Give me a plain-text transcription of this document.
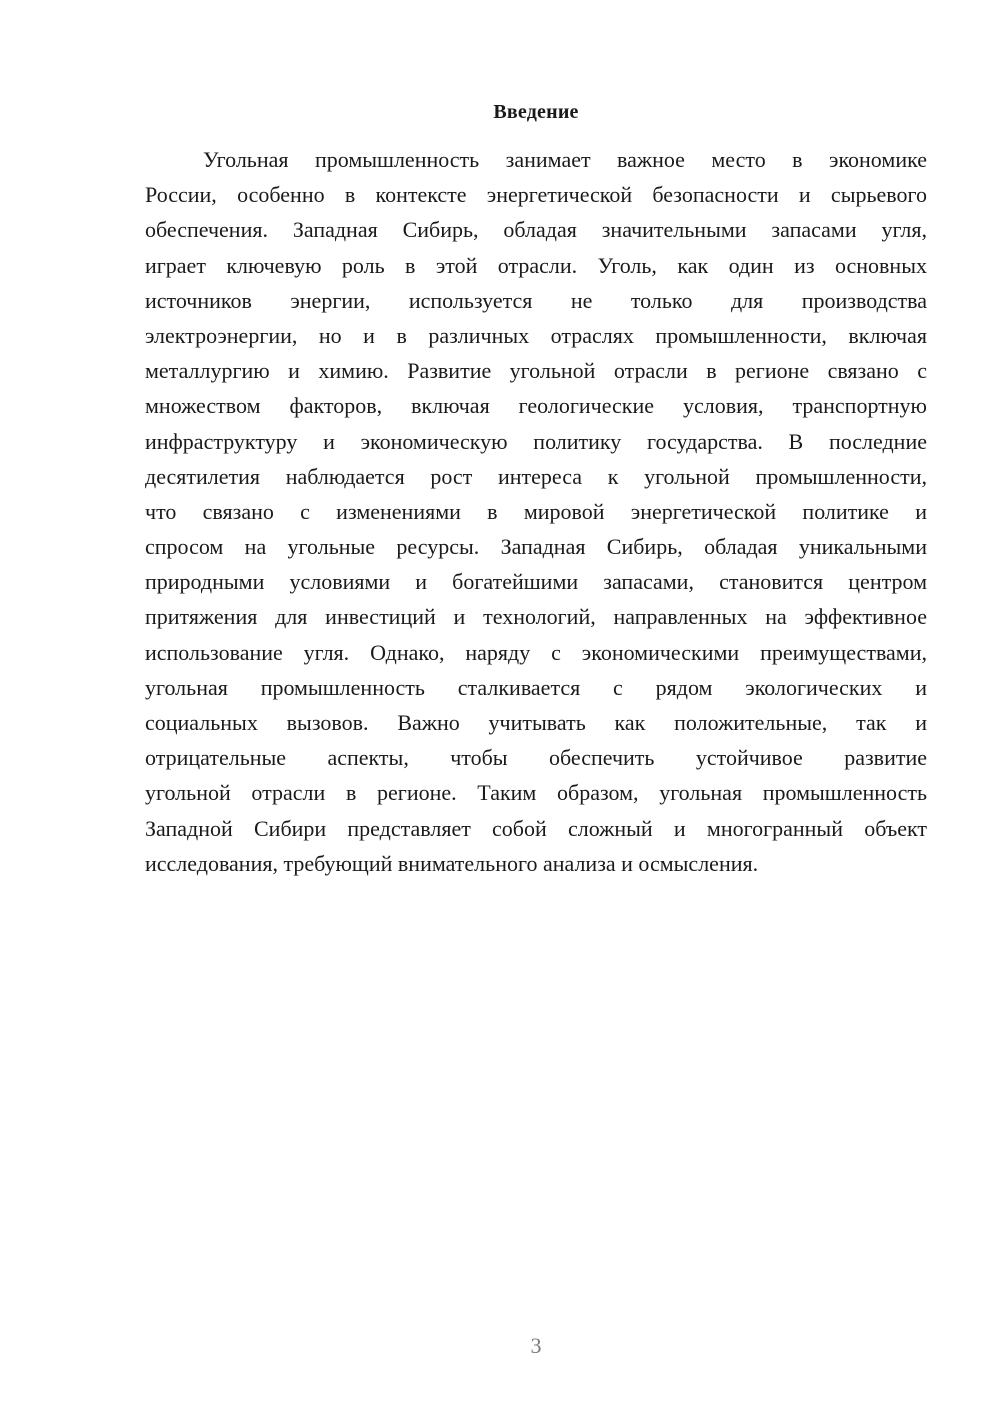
Введение
Угольная промышленность занимает важное место в экономике
России, особенно в контексте энергетической безопасности и сырьевого
обеспечения. Западная Сибирь, обладая значительными запасами угля,
играет ключевую роль в этой отрасли. Уголь, как один из основных
источников энергии, используется не только для производства
электроэнергии, но и в различных отраслях промышленности, включая
металлургию и химию. Развитие угольной отрасли в регионе связано с
множеством факторов, включая геологические условия, транспортную
инфраструктуру и экономическую политику государства. В последние
десятилетия наблюдается рост интереса к угольной промышленности,
что связано с изменениями в мировой энергетической политике и
спросом на угольные ресурсы. Западная Сибирь, обладая уникальными
природными условиями и богатейшими запасами, становится центром
притяжения для инвестиций и технологий, направленных на эффективное
использование угля. Однако, наряду с экономическими преимуществами,
угольная промышленность сталкивается с рядом экологических и
социальных вызовов. Важно учитывать как положительные, так и
отрицательные аспекты, чтобы обеспечить устойчивое развитие
угольной отрасли в регионе. Таким образом, угольная промышленность
Западной Сибири представляет собой сложный и многогранный объект
исследования, требующий внимательного анализа и осмысления.
3
